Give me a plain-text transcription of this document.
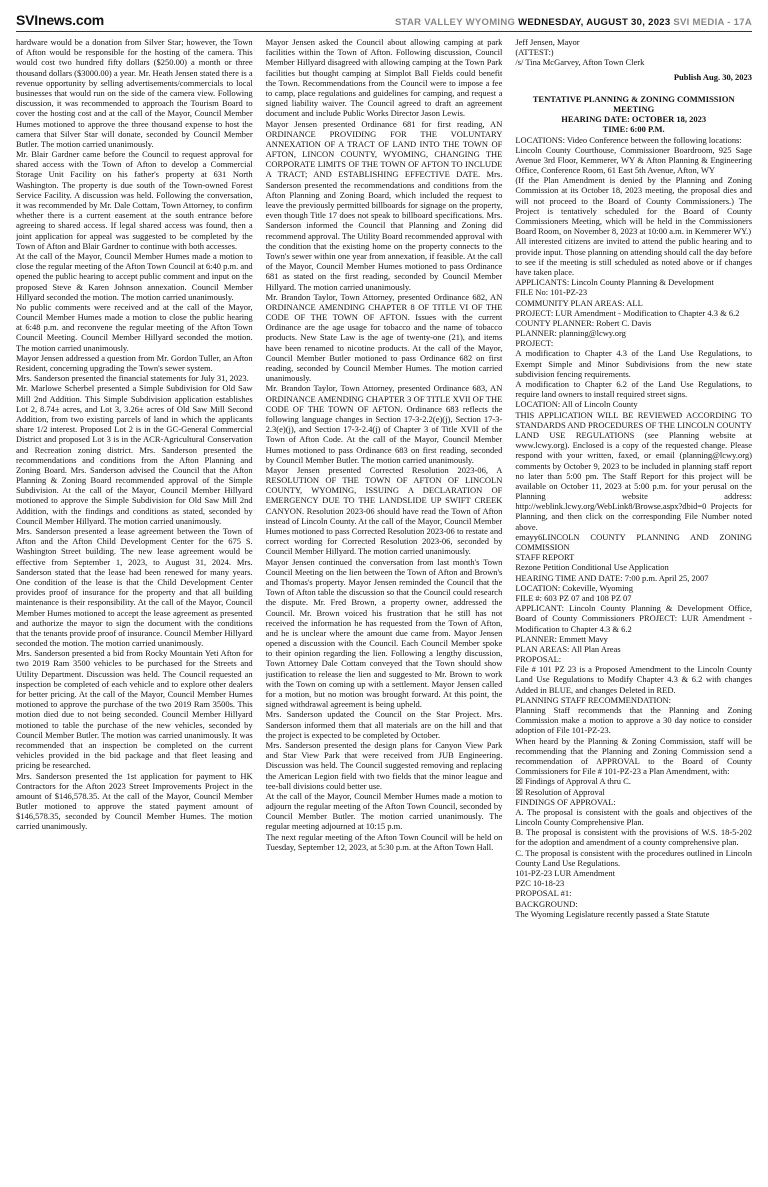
SVInews.com	STAR VALLEY WYOMING WEDNESDAY, AUGUST 30, 2023 SVI MEDIA - 17A

hardware would be a donation from Silver Star; however, the Town of Afton would be responsible for the hosting of the camera. This would cost two hundred fifty dollars ($250.00) a month or three thousand dollars ($3000.00) a year. Mr. Heath Jensen stated there is a revenue opportunity by selling advertisements/commercials to local businesses that would run on the side of the camera view. Following discussion, it was recommended to approach the Tourism Board to cover the hosting cost and at the call of the Mayor, Council Member Humes motioned to approve the three thousand expense to host the camera that Silver Star will donate, seconded by Council Member Butler. The motion carried unanimously.

Mr. Blair Gardner came before the Council to request approval for shared access with the Town of Afton to develop a Commercial Storage Unit Facility on his father's property at 631 North Washington. The property is due south of the Town-owned Forest Service Facility. A discussion was held. Following the conversation, it was recommended by Mr. Dale Cottam, Town Attorney, to confirm whether there is a current easement at the south entrance before agreeing to shared access. If legal shared access was found, then a joint application for appeal was suggested to be completed by the Town of Afton and Blair Gardner to continue with both accesses.

At the call of the Mayor, Council Member Humes made a motion to close the regular meeting of the Afton Town Council at 6:40 p.m. and opened the public hearing to accept public comment and input on the proposed Steve & Karen Johnson annexation. Council Member Hillyard seconded the motion. The motion carried unanimously.

No public comments were received and at the call of the Mayor, Council Member Humes made a motion to close the public hearing at 6:48 p.m. and reconvene the regular meeting of the Afton Town Council Meeting. Council Member Hillyard seconded the motion. The motion carried unanimously.

Mayor Jensen addressed a question from Mr. Gordon Tuller, an Afton Resident, concerning upgrading the Town's sewer system.

Mrs. Sanderson presented the financial statements for July 31, 2023.

Mr. Marlowe Scherbel presented a Simple Subdivision for Old Saw Mill 2nd Addition. This Simple Subdivision application establishes Lot 2, 8.74± acres, and Lot 3, 3.26± acres of Old Saw Mill Second Addition, from two existing parcels of land in which the applicants share 1/2 interest. Proposed Lot 2 is in the GC-General Commercial District and proposed Lot 3 is in the ACR-Agricultural Conservation and Recreation zoning district. Mrs. Sanderson presented the recommendations and conditions from the Afton Planning and Zoning Board. Mrs. Sanderson advised the Council that the Afton Planning & Zoning Board recommended approval of the Simple Subdivision. At the call of the Mayor, Council Member Hillyard motioned to approve the Simple Subdivision for Old Saw Mill 2nd Addition, with the findings and conditions as stated, seconded by Council Member Hillyard. The motion carried unanimously.

Mrs. Sanderson presented a lease agreement between the Town of Afton and the Afton Child Development Center for the 675 S. Washington Street building. The new lease agreement would be effective from September 1, 2023, to August 31, 2024. Mrs. Sanderson stated that the lease had been renewed for many years. One condition of the lease is that the Child Development Center provides proof of insurance for the property and that all building maintenance is their responsibility. At the call of the Mayor, Council Member Humes motioned to accept the lease agreement as presented and authorize the mayor to sign the document with the conditions that the tenants provide proof of insurance. Council Member Hillyard seconded the motion. The motion carried unanimously.

Mrs. Sanderson presented a bid from Rocky Mountain Yeti Afton for two 2019 Ram 3500 vehicles to be purchased for the Streets and Utility Department. Discussion was held. The Council requested an inspection be completed of each vehicle and to explore other dealers for better pricing. At the call of the Mayor, Council Member Humes motioned to approve the purchase of the two 2019 Ram 3500s. This motion died due to not being seconded. Council Member Hillyard motioned to table the purchase of the new vehicles, seconded by Council Member Butler. The motion was carried unanimously. It was recommended that an inspection be completed on the current vehicles provided in the bid package and that fleet leasing and pricing be researched.

Mrs. Sanderson presented the 1st application for payment to HK Contractors for the Afton 2023 Street Improvements Project in the amount of $146,578.35. At the call of the Mayor, Council Member Butler motioned to approve the stated payment amount of $146,578.35, seconded by Council Member Humes. The motion carried unanimously.

Mayor Jensen asked the Council about allowing camping at park facilities within the Town of Afton. Following discussion, Council Member Hillyard disagreed with allowing camping at the Town Park facilities but thought camping at Simplot Ball Fields could benefit the Town. Recommendations from the Council were to impose a fee to camp, place regulations and guidelines for camping, and request a signed liability waiver. The Council agreed to draft an agreement document and include Public Works Director Jason Lewis.

Mayor Jensen presented Ordinance 681 for first reading, AN ORDINANCE PROVIDING FOR THE VOLUNTARY ANNEXATION OF A TRACT OF LAND INTO THE TOWN OF AFTON, LINCON COUNTY, WYOMING, CHANGING THE CORPORATE LIMITS OF THE TOWN OF AFTON TO INCLUDE A TRACT; AND ESTABLISHING EFFECTIVE DATE. Mrs. Sanderson presented the recommendations and conditions from the Afton Planning and Zoning Board, which included the request to leave the previously permitted billboards for signage on the property, even though Title 17 does not speak to billboard specifications. Mrs. Sanderson informed the Council that Planning and Zoning did recommend approval. The Utility Board recommended approval with the condition that the existing home on the property connects to the Town's sewer within one year from annexation, if feasible. At the call of the Mayor, Council Member Humes motioned to pass Ordinance 681 as stated on the first reading, seconded by Council Member Hillyard. The motion carried unanimously.

Mr. Brandon Taylor, Town Attorney, presented Ordinance 682, AN ORDINANCE AMENDING CHAPTER 8 OF TITLE VI OF THE CODE OF THE TOWN OF AFTON. Issues with the current Ordinance are the age usage for tobacco and the name of tobacco products. New State Law is the age of twenty-one (21), and items have been renamed to nicotine products. At the call of the Mayor, Council Member Butler motioned to pass Ordinance 682 on first reading, seconded by Council Member Humes. The motion carried unanimously.

Mr. Brandon Taylor, Town Attorney, presented Ordinance 683, AN ORDINANCE AMENDING CHAPTER 3 OF TITLE XVII OF THE CODE OF THE TOWN OF AFTON. Ordinance 683 reflects the following language changes in Section 17-3-2.2(e)(j), Section 17-3-2.3(e)(j), and Section 17-3-2.4(j) of Chapter 3 of Title XVII of the Town of Afton Code. At the call of the Mayor, Council Member Humes motioned to pass Ordinance 683 on first reading, seconded by Council Member Butler. The motion carried unanimously.

Mayor Jensen presented Corrected Resolution 2023-06, A RESOLUTION OF THE TOWN OF AFTON OF LINCOLN COUNTY, WYOMING, ISSUING A DECLARATION OF EMERGENCY DUE TO THE LANDSLIDE UP SWIFT CREEK CANYON. Resolution 2023-06 should have read the Town of Afton instead of Lincoln County. At the call of the Mayor, Council Member Humes motioned to pass Corrected Resolution 2023-06 to restate and correct wording for Corrected Resolution 2023-06, seconded by Council Member Hillyard. The motion carried unanimously.

Mayor Jensen continued the conversation from last month's Town Council Meeting on the lien between the Town of Afton and Brown's and Thomas's property. Mayor Jensen reminded the Council that the Town of Afton table the discussion so that the Council could research the dispute. Mr. Fred Brown, a property owner, addressed the Council. Mr. Brown voiced his frustration that he still has not received the information he has requested from the Town of Afton, and he is unclear where the amount due came from. Mayor Jensen opened a discussion with the Council. Each Council Member spoke to their opinion regarding the lien. Following a lengthy discussion, Town Attorney Dale Cottam conveyed that the Town should show justification to release the lien and suggested to Mr. Brown to work with the Town on coming up with a settlement. Mayor Jensen called for a motion, but no motion was brought forward. At this point, the signed withdrawal agreement is being upheld.

Mrs. Sanderson updated the Council on the Star Project. Mrs. Sanderson informed them that all materials are on the hill and that the project is expected to be completed by October.

Mrs. Sanderson presented the design plans for Canyon View Park and Star View Park that were received from JUB Engineering. Discussion was held. The Council suggested removing and replacing the American Legion field with two fields that the minor league and tee-ball divisions could better use.

At the call of the Mayor, Council Member Humes made a motion to adjourn the regular meeting of the Afton Town Council, seconded by Council Member Butler. The motion carried unanimously. The regular meeting adjourned at 10:15 p.m.

The next regular meeting of the Afton Town Council will be held on Tuesday, September 12, 2023, at 5:30 p.m. at the Afton Town Hall.

Jeff Jensen, Mayor

(ATTEST:)

/s/ Tina McGarvey, Afton Town Clerk

Publish Aug. 30, 2023

TENTATIVE PLANNING & ZONING COMMISSION MEETING

HEARING DATE: OCTOBER 18, 2023

TIME: 6:00 P.M.

LOCATIONS: Video Conference between the following locations:

Lincoln County Courthouse, Commissioner Boardroom, 925 Sage Avenue 3rd Floor, Kemmerer, WY & Afton Planning & Engineering Office, Conference Room, 61 East 5th Avenue, Afton, WY

(If the Plan Amendment is denied by the Planning and Zoning Commission at its October 18, 2023 meeting, the proposal dies and will not proceed to the Board of County Commissioners.) The Project is tentatively scheduled for the Board of County Commissioners Meeting, which will be held in the Commissioners Board Room, on November 8, 2023 at 10:00 a.m. in Kemmerer WY.)

All interested citizens are invited to attend the public hearing and to provide input. Those planning on attending should call the day before to see if the meeting is still scheduled as noted above or if changes have taken place.

APPLICANTS: Lincoln County Planning & Development

FILE No: 101-PZ-23

COMMUNITY PLAN AREAS: ALL

PROJECT: LUR Amendment - Modification to Chapter 4.3 & 6.2

COUNTY PLANNER: Robert C. Davis

PLANNER: planning@lcwy.org

PROJECT:

A modification to Chapter 4.3 of the Land Use Regulations, to Exempt Simple and Minor Subdivisions from the new state subdivision fencing requirements.

A modification to Chapter 6.2 of the Land Use Regulations, to require land owners to install required street signs.

LOCATION: All of Lincoln County

THIS APPLICATION WILL BE REVIEWED ACCORDING TO STANDARDS AND PROCEDURES OF THE LINCOLN COUNTY LAND USE REGULATIONS (see Planning website at www.lcwy.org). Enclosed is a copy of the requested change. Please respond with your written, faxed, or email (planning@lcwy.org) comments by October 9, 2023 to be included in planning staff report no later than 5:00 pm. The Staff Report for this project will be available on October 11, 2023 at 5:00 p.m. for your perusal on the Planning website address: http://weblink.lcwy.org/WebLink8/Browse.aspx?dbid=0 Projects for Planning, and then click on the corresponding File Number noted above.

emayy6LINCOLN COUNTY PLANNING AND ZONING COMMISSION

STAFF REPORT

Rezone Petition Conditional Use Application

HEARING TIME AND DATE: 7:00 p.m. April 25, 2007

LOCATION: Cokeville, Wyoming

FILE #: 603 PZ 07 and 108 PZ 07

APPLICANT: Lincoln County Planning & Development Office, Board of County Commissioners PROJECT: LUR Amendment - Modification to Chapter 4.3 & 6.2

PLANNER: Emmett Mavy

PLAN AREAS: All Plan Areas

PROPOSAL:

File # 101 PZ 23 is a Proposed Amendment to the Lincoln County Land Use Regulations to Modify Chapter 4.3 & 6.2 with changes Added in BLUE, and changes Deleted in RED.

PLANNING STAFF RECOMMENDATION:

Planning Staff recommends that the Planning and Zoning Commission make a motion to approve a 30 day notice to consider adoption of File 101-PZ-23.

When heard by the Planning & Zoning Commission, staff will be recommending that the Planning and Zoning Commission send a recommendation of APPROVAL to the Board of County Commissioners for File # 101-PZ-23 a Plan Amendment, with:

☒ Findings of Approval A thru C.

☒ Resolution of Approval

FINDINGS OF APPROVAL:

A. The proposal is consistent with the goals and objectives of the Lincoln County Comprehensive Plan.

B. The proposal is consistent with the provisions of W.S. 18-5-202 for the adoption and amendment of a county comprehensive plan.

C. The proposal is consistent with the procedures outlined in Lincoln County Land Use Regulations.

101-PZ-23 LUR Amendment

PZC 10-18-23

PROPOSAL #1:

BACKGROUND:

The Wyoming Legislature recently passed a State Statute
